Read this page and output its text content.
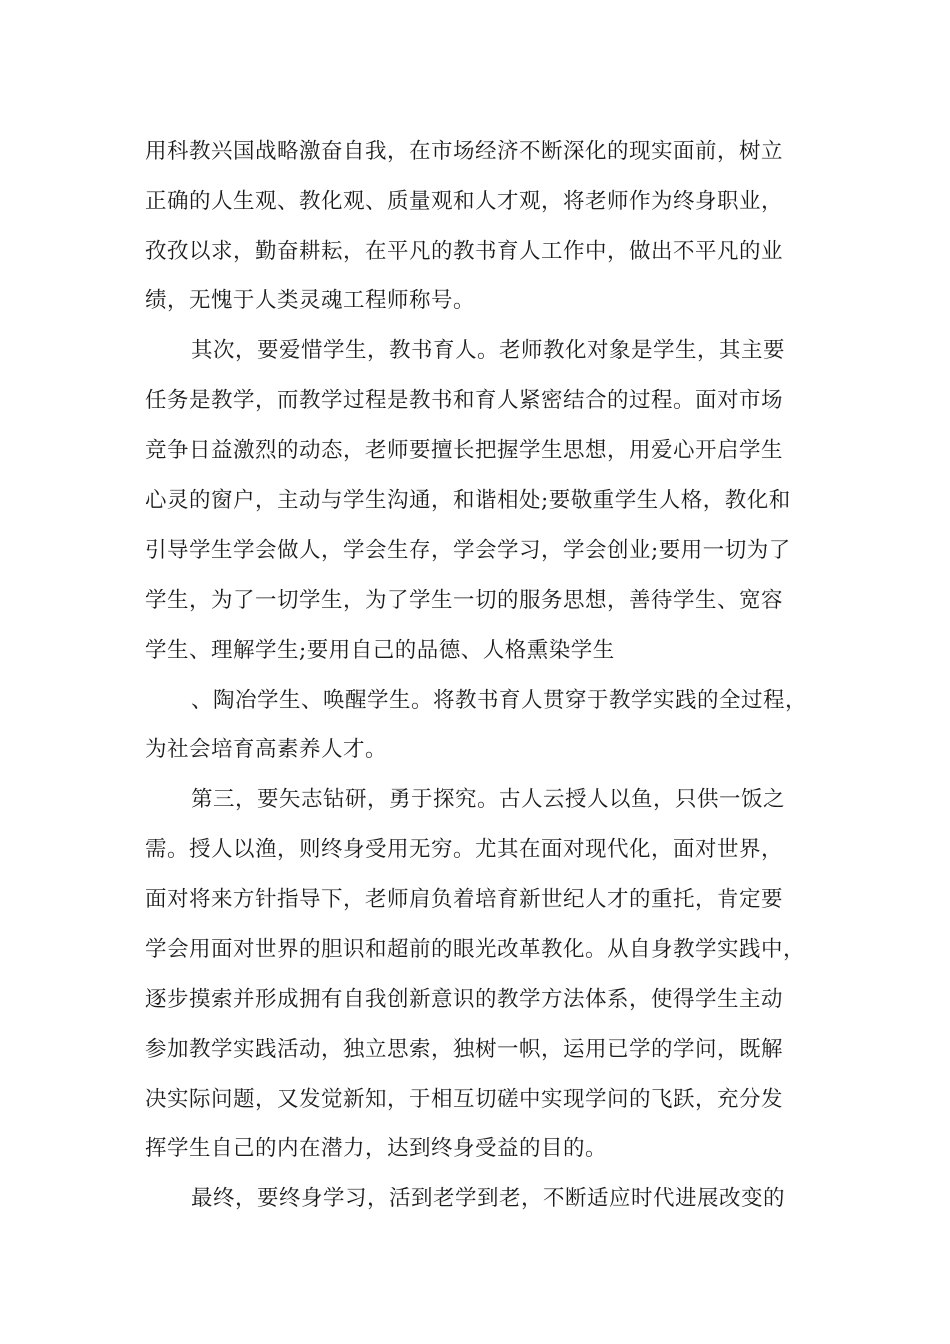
用科教兴国战略激奋自我，在市场经济不断深化的现实面前，树立
正确的人生观、教化观、质量观和人才观，将老师作为终身职业，
孜孜以求，勤奋耕耘，在平凡的教书育人工作中，做出不平凡的业
绩，无愧于人类灵魂工程师称号。
其次，要爱惜学生，教书育人。老师教化对象是学生，其主要
任务是教学，而教学过程是教书和育人紧密结合的过程。面对市场
竞争日益激烈的动态，老师要擅长把握学生思想，用爱心开启学生
心灵的窗户，主动与学生沟通，和谐相处;要敬重学生人格，教化和
引导学生学会做人，学会生存，学会学习，学会创业;要用一切为了
学生，为了一切学生，为了学生一切的服务思想，善待学生、宽容
学生、理解学生;要用自己的品德、人格熏染学生
、陶冶学生、唤醒学生。将教书育人贯穿于教学实践的全过程，
为社会培育高素养人才。
第三，要矢志钻研，勇于探究。古人云授人以鱼，只供一饭之
需。授人以渔，则终身受用无穷。尤其在面对现代化，面对世界，
面对将来方针指导下，老师肩负着培育新世纪人才的重托，肯定要
学会用面对世界的胆识和超前的眼光改革教化。从自身教学实践中，
逐步摸索并形成拥有自我创新意识的教学方法体系，使得学生主动
参加教学实践活动，独立思索，独树一帜，运用已学的学问，既解
决实际问题，又发觉新知，于相互切磋中实现学问的飞跃，充分发
挥学生自己的内在潜力，达到终身受益的目的。
最终，要终身学习，活到老学到老，不断适应时代进展改变的
